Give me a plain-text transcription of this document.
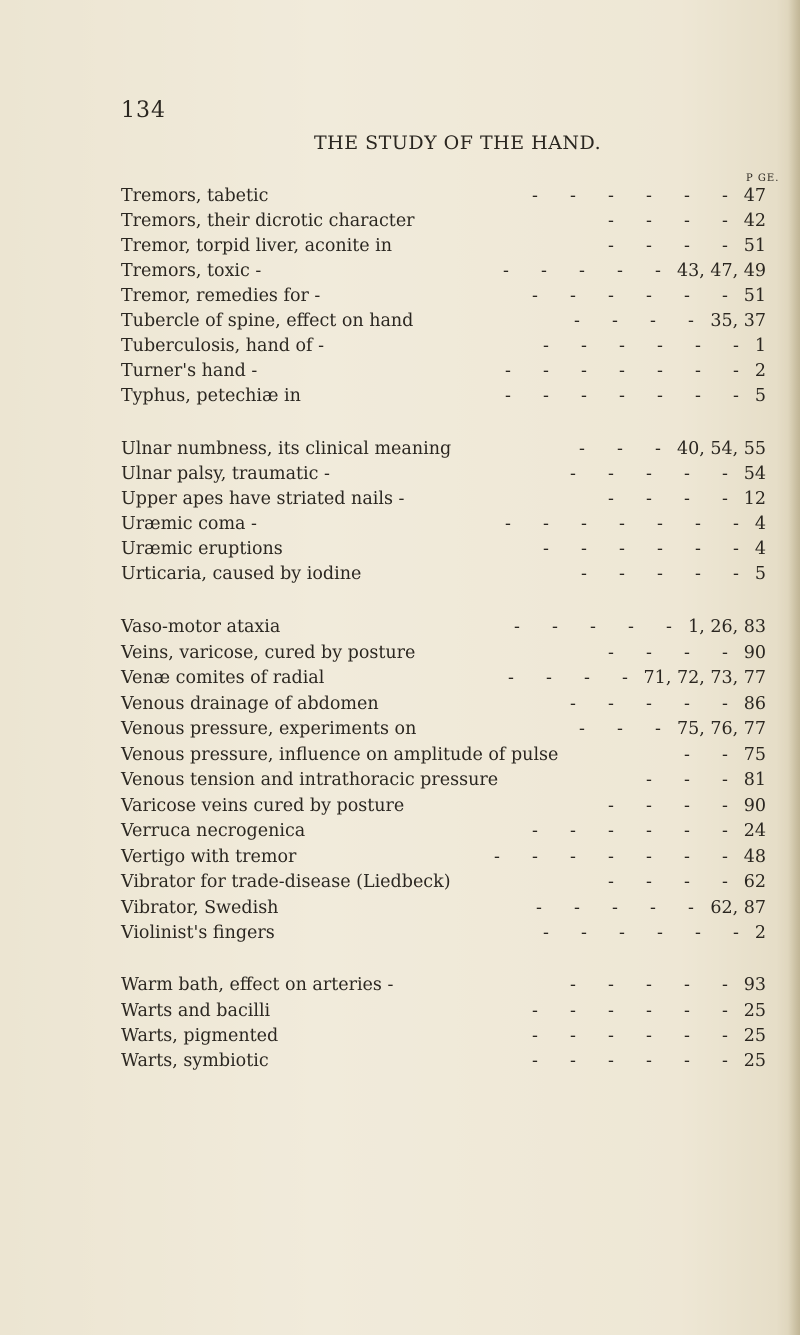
134
THE STUDY OF THE HAND.
P GE.
Tremors, tabetic	47
- - - - - -
Tremors, their dicrotic character	42
- - - -
Tremor, torpid liver, aconite in	51
- - - -
Tremors, toxic -	43, 47, 49
- - - - -
Tremor, remedies for -	51
- - - - - -
Tubercle of spine, effect on hand	35, 37
- - - -
Tuberculosis, hand of -	1
- - - - - -
Turner's hand -	2
- - - - - - -
Typhus, petechiæ in	5
- - - - - - -
Ulnar numbness, its clinical meaning	40, 54, 55
- - -
Ulnar palsy, traumatic -	54
- - - - -
Upper apes have striated nails -	12
- - - -
Uræmic coma -	4
- - - - - - -
Uræmic eruptions	4
- - - - - -
Urticaria, caused by iodine	5
- - - - -
Vaso-motor ataxia	1, 26, 83
- - - - -
Veins, varicose, cured by posture	90
- - - -
Venæ comites of radial	71, 72, 73, 77
- - - -
Venous drainage of abdomen	86
- - - - -
Venous pressure, experiments on	75, 76, 77
- - -
Venous pressure, influence on amplitude of pulse	75
- -
Venous tension and intrathoracic pressure	81
- - -
Varicose veins cured by posture	90
- - - -
Verruca necrogenica	24
- - - - - -
Vertigo with tremor	48
- - - - - - -
Vibrator for trade-disease (Liedbeck)	62
- - - -
Vibrator, Swedish	62, 87
- - - - -
Violinist's fingers	2
- - - - - -
Warm bath, effect on arteries -	93
- - - - -
Warts and bacilli	25
- - - - - -
Warts, pigmented	25
- - - - - -
Warts, symbiotic	25
- - - - - -
